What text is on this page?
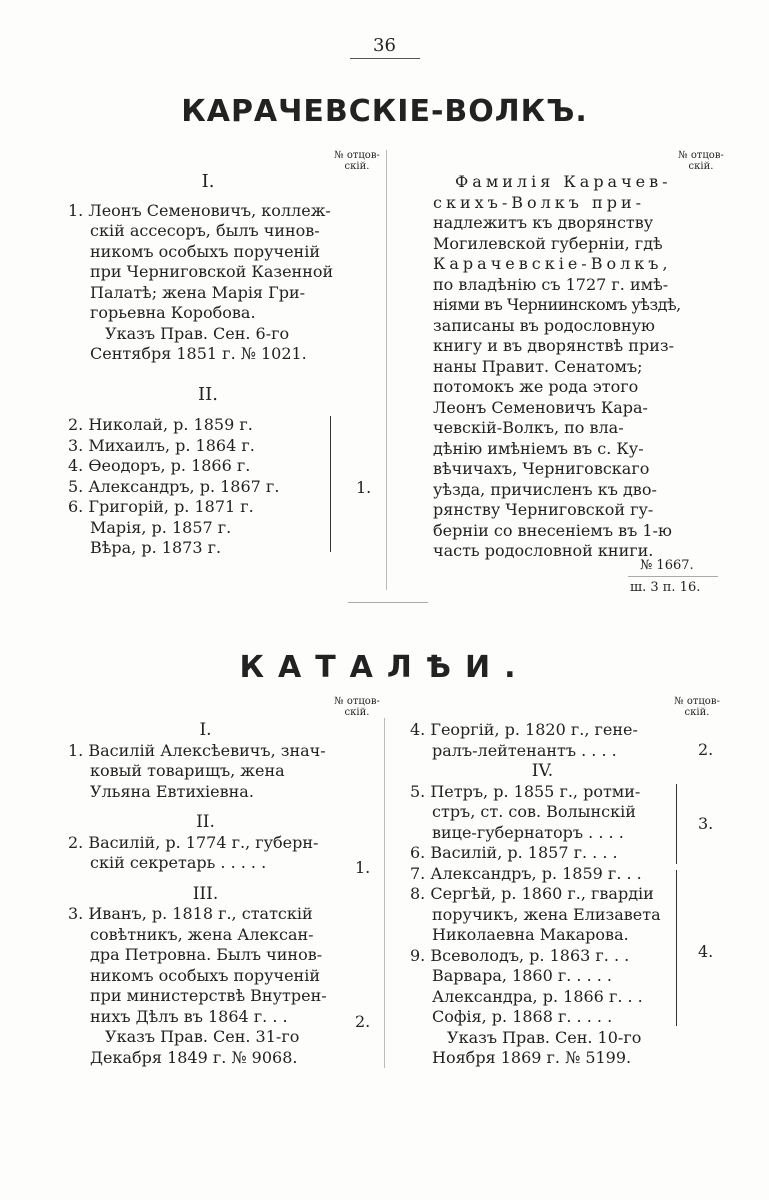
36
КАРАЧЕВСКІЕ-ВОЛКЪ.
№ отцов-
скій.
№ отцов-
скій.
I.
1. Леонъ Семеновичъ, коллеж-
скій ассесоръ, былъ чинов-
никомъ особыхъ порученій
при Черниговской Казенной
Палатѣ; жена Марія Гри-
горьевна Коробова.
Указъ Прав. Сен. 6-го
Сентября 1851 г. № 1021.
II.
2. Николай, р. 1859 г.
3. Михаилъ, р. 1864 г.
4. Ѳеодоръ, р. 1866 г.
5. Александръ, р. 1867 г.
6. Григорій, р. 1871 г.
Марія, р. 1857 г.
Вѣра, р. 1873 г.
1.
Фамилія Карачев-
скихъ-Волкъ при-
надлежитъ къ дворянству
Могилевской губерніи, гдѣ
Карачевскіе-Волкъ,
по владѣнію съ 1727 г. имѣ-
ніями въ Черниинскомъ уѣздѣ,
записаны въ родословную
книгу и въ дворянствѣ приз-
наны Правит. Сенатомъ;
потомокъ же рода этого
Леонъ Семеновичъ Кара-
чевскій-Волкъ, по вла-
дѣнію имѣніемъ въ с. Ку-
вѣчичахъ, Черниговскаго
уѣзда, причисленъ къ дво-
рянству Черниговской гу-
берніи со внесеніемъ въ 1-ю
часть родословной книги.
№ 1667.
ш. 3 п. 16.
КАТАЛѢИ.
№ отцов-
скій.
№ отцов-
скій.
I.
1. Василій Алексѣевичъ, знач-
ковый товарищъ, жена
Ульяна Евтихіевна.
II.
2. Василій, р. 1774 г., губерн-
скій секретарь . . . . .
III.
3. Иванъ, р. 1818 г., статскій
совѣтникъ, жена Алексан-
дра Петровна. Былъ чинов-
никомъ особыхъ порученій
при министерствѣ Внутрен-
нихъ Дѣлъ въ 1864 г. . .
Указъ Прав. Сен. 31-го
Декабря 1849 г. № 9068.
1.
2.
4. Георгій, р. 1820 г., гене-
ралъ-лейтенантъ . . . .
IV.
5. Петръ, р. 1855 г., ротми-
стръ, ст. сов. Волынскій
вице-губернаторъ . . . .
6. Василій, р. 1857 г. . . .
7. Александръ, р. 1859 г. . .
8. Сергѣй, р. 1860 г., гвардіи
поручикъ, жена Елизавета
Николаевна Макарова.
9. Всеволодъ, р. 1863 г. . .
Варвара, 1860 г. . . . .
Александра, р. 1866 г. . .
Софія, р. 1868 г. . . . .
Указъ Прав. Сен. 10-го
Ноября 1869 г. № 5199.
2.
3.
4.
